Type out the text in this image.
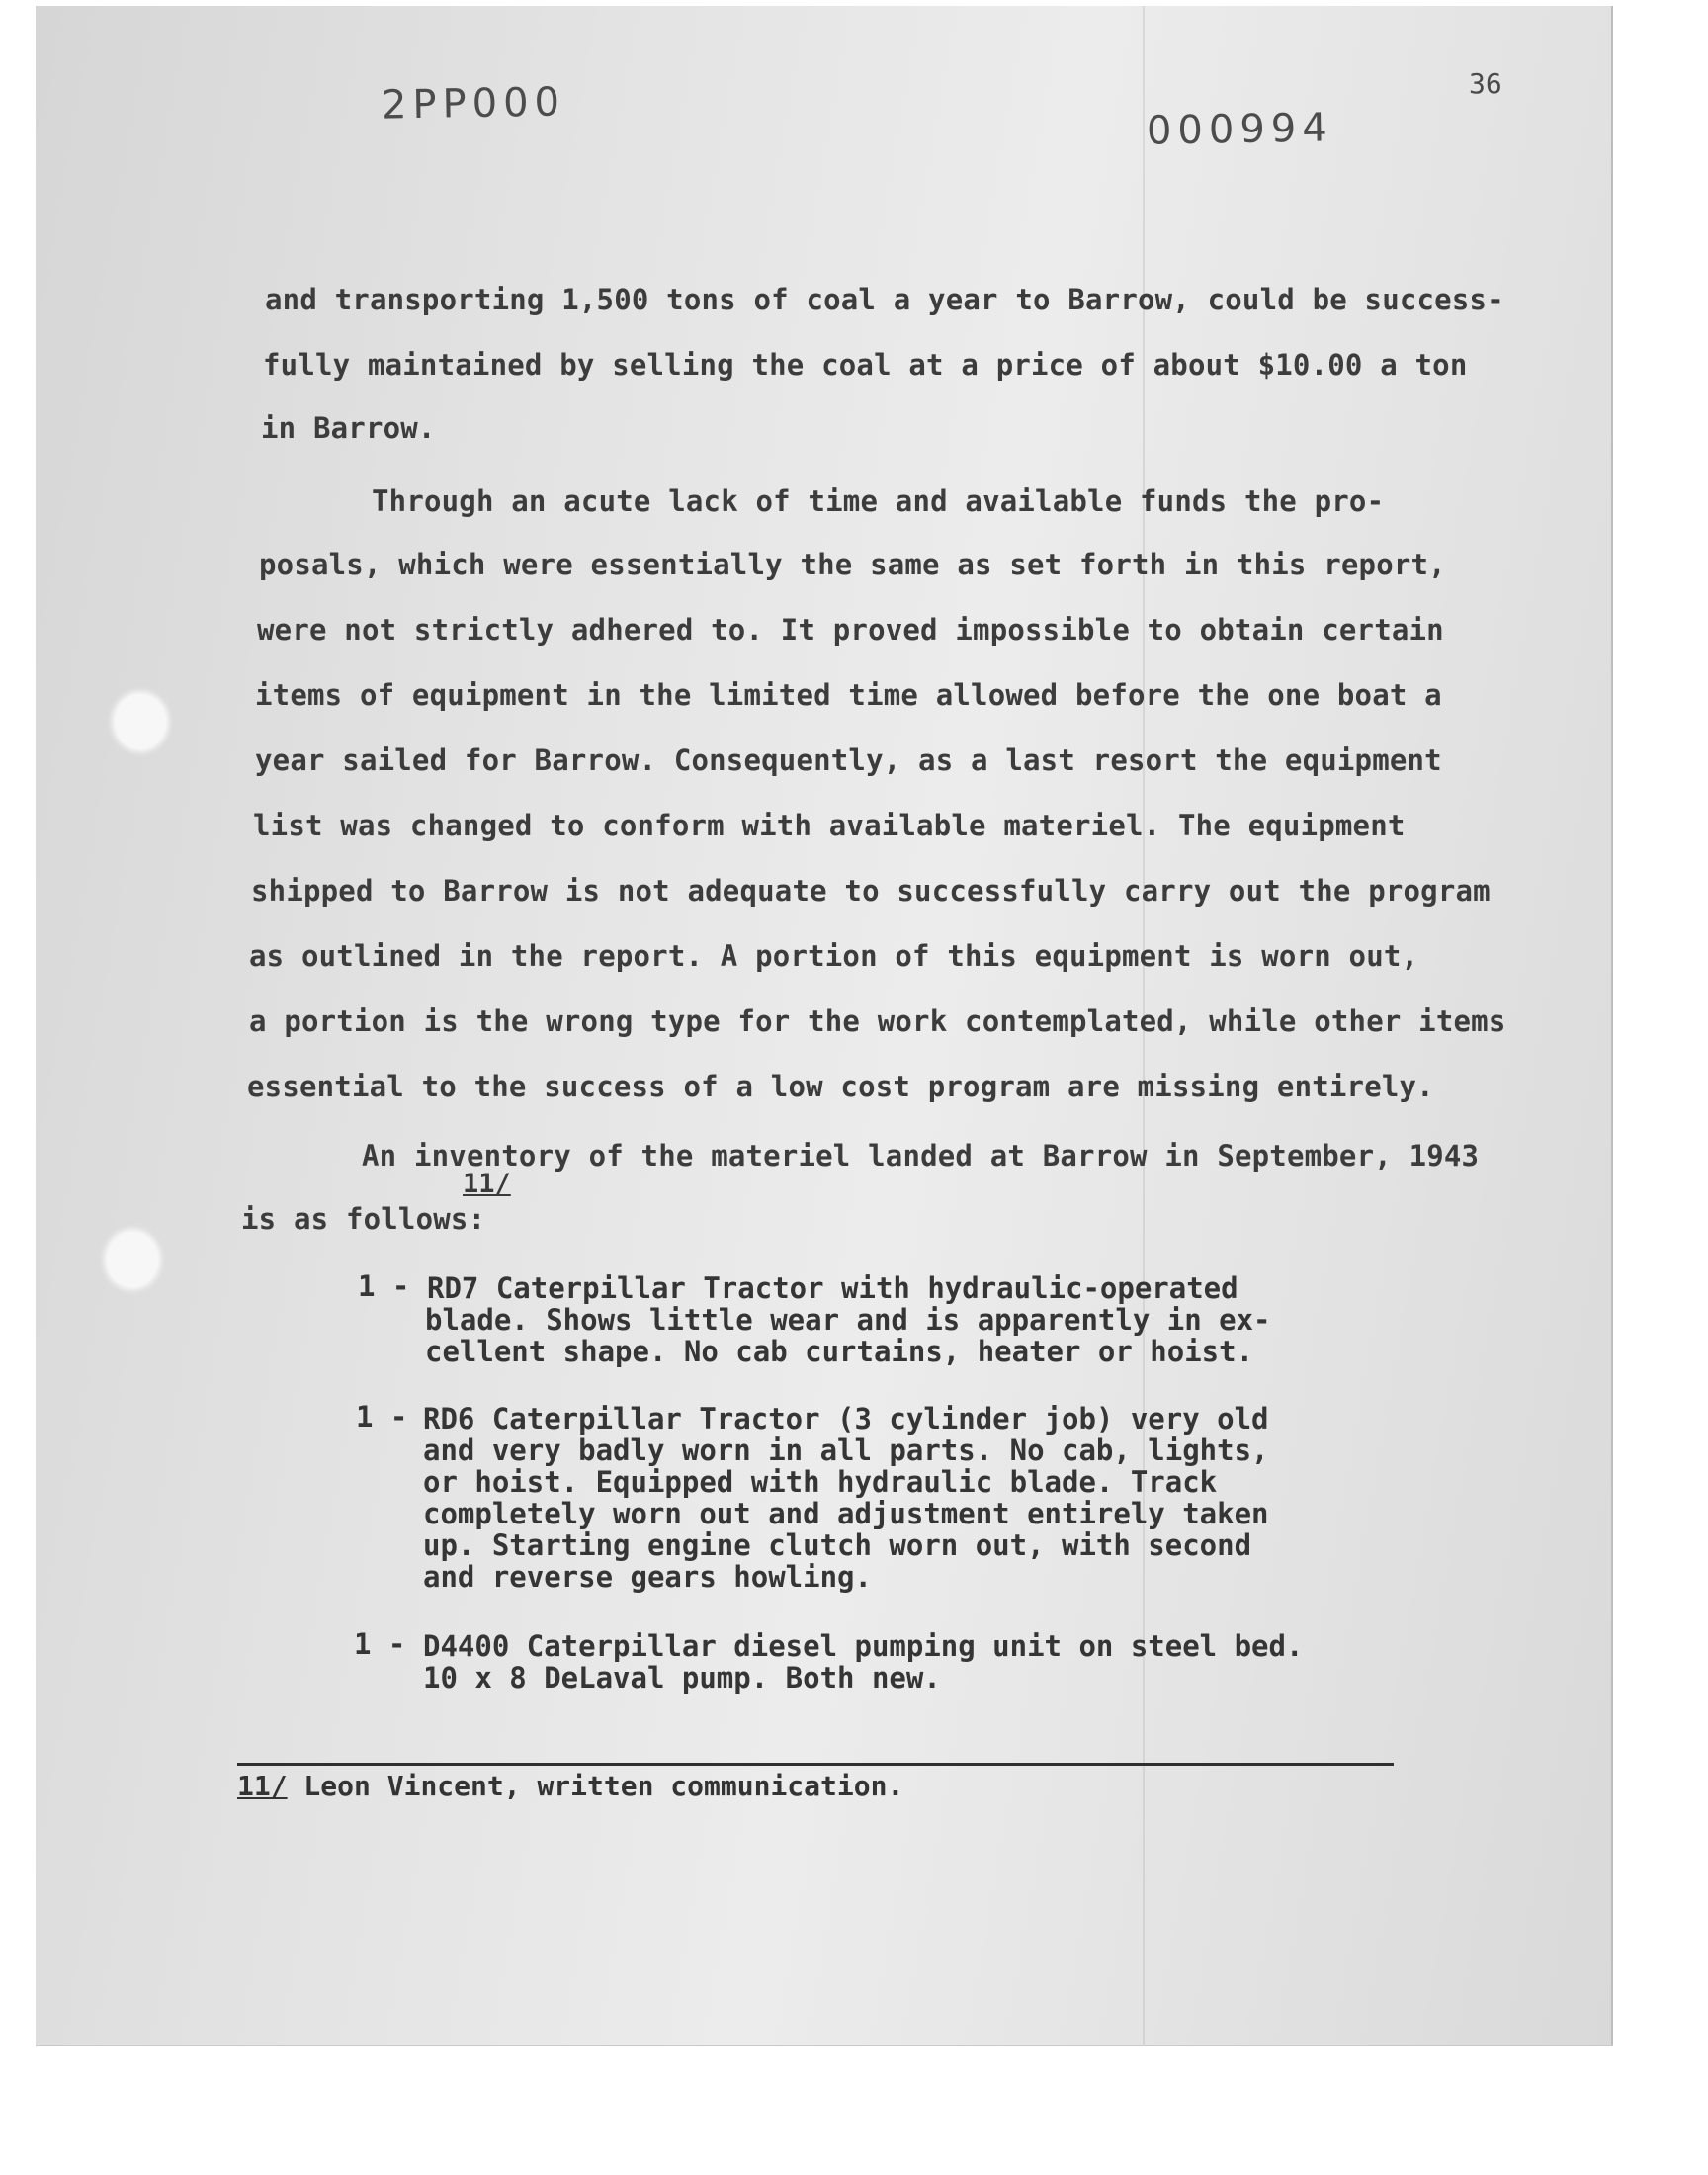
2PP000
000994
36
and transporting 1,500 tons of coal a year to Barrow, could be success-
fully maintained by selling the coal at a price of about $10.00 a ton
in Barrow.
Through an acute lack of time and available funds the pro-
posals, which were essentially the same as set forth in this report,
were not strictly adhered to. It proved impossible to obtain certain
items of equipment in the limited time allowed before the one boat a
year sailed for Barrow. Consequently, as a last resort the equipment
list was changed to conform with available materiel. The equipment
shipped to Barrow is not adequate to successfully carry out the program
as outlined in the report. A portion of this equipment is worn out,
a portion is the wrong type for the work contemplated, while other items
essential to the success of a low cost program are missing entirely.
An inventory of the materiel landed at Barrow in September, 1943
11/
is as follows:
1 - RD7 Caterpillar Tractor with hydraulic-operated
blade. Shows little wear and is apparently in ex-
cellent shape. No cab curtains, heater or hoist.
1 - RD6 Caterpillar Tractor (3 cylinder job) very old
and very badly worn in all parts. No cab, lights,
or hoist. Equipped with hydraulic blade. Track
completely worn out and adjustment entirely taken
up. Starting engine clutch worn out, with second
and reverse gears howling.
1 - D4400 Caterpillar diesel pumping unit on steel bed.
10 x 8 DeLaval pump. Both new.
11/ Leon Vincent, written communication.
